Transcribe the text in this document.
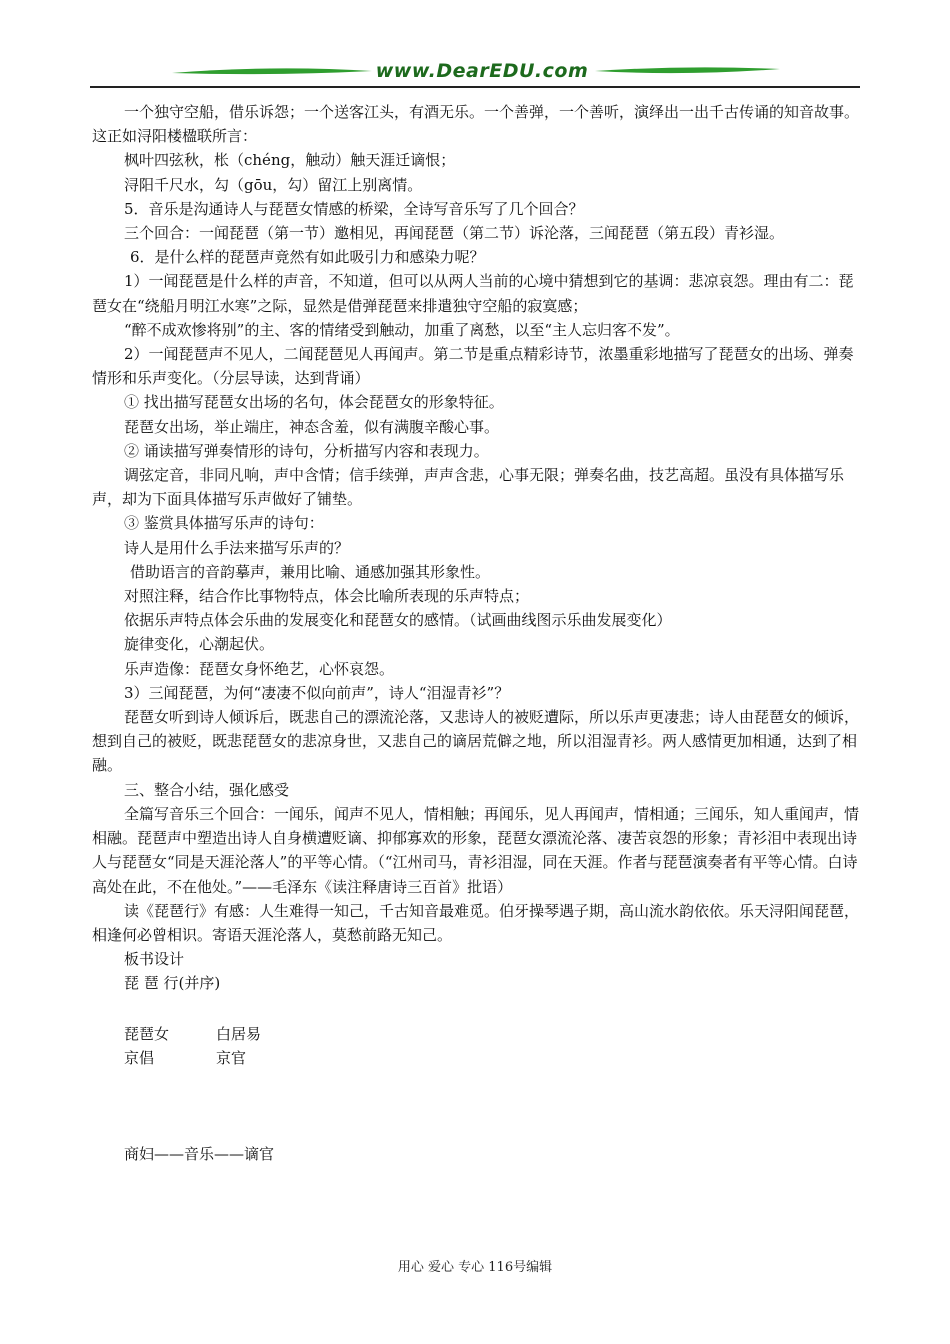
www.DearEDU.com

一个独守空船，借乐诉怨；一个送客江头，有酒无乐。一个善弹，一个善听，演绎出一出千古传诵的知音故事。这正如浔阳楼楹联所言：

枫叶四弦秋，枨（chéng，触动）触天涯迁谪恨；

浔阳千尺水，勾（gōu，勾）留江上别离情。

5．音乐是沟通诗人与琵琶女情感的桥梁，全诗写音乐写了几个回合？

三个回合：一闻琵琶（第一节）邀相见，再闻琵琶（第二节）诉沦落，三闻琵琶（第五段）青衫湿。

6．是什么样的琵琶声竟然有如此吸引力和感染力呢？

1）一闻琵琶是什么样的声音，不知道，但可以从两人当前的心境中猜想到它的基调：悲凉哀怨。理由有二：琵琶女在“绕船月明江水寒”之际，显然是借弹琵琶来排遣独守空船的寂寞感；

“醉不成欢惨将别”的主、客的情绪受到触动，加重了离愁，以至“主人忘归客不发”。

2）一闻琵琶声不见人，二闻琵琶见人再闻声。第二节是重点精彩诗节，浓墨重彩地描写了琵琶女的出场、弹奏情形和乐声变化。（分层导读，达到背诵）

① 找出描写琵琶女出场的名句，体会琵琶女的形象特征。

琵琶女出场，举止端庄，神态含羞，似有满腹辛酸心事。

② 诵读描写弹奏情形的诗句，分析描写内容和表现力。

调弦定音，非同凡响，声中含情；信手续弹，声声含悲，心事无限；弹奏名曲，技艺高超。虽没有具体描写乐声，却为下面具体描写乐声做好了铺垫。

③ 鉴赏具体描写乐声的诗句：

诗人是用什么手法来描写乐声的？

借助语言的音韵摹声，兼用比喻、通感加强其形象性。

对照注释，结合作比事物特点，体会比喻所表现的乐声特点；

依据乐声特点体会乐曲的发展变化和琵琶女的感情。（试画曲线图示乐曲发展变化）

旋律变化，心潮起伏。

乐声造像：琵琶女身怀绝艺，心怀哀怨。

3）三闻琵琶，为何“凄凄不似向前声”，诗人“泪湿青衫”？

琵琶女听到诗人倾诉后，既悲自己的漂流沦落，又悲诗人的被贬遭际，所以乐声更凄悲；诗人由琵琶女的倾诉，想到自己的被贬，既悲琵琶女的悲凉身世，又悲自己的谪居荒僻之地，所以泪湿青衫。两人感情更加相通，达到了相融。

三、整合小结，强化感受

全篇写音乐三个回合：一闻乐，闻声不见人，情相触；再闻乐，见人再闻声，情相通；三闻乐，知人重闻声，情相融。琵琶声中塑造出诗人自身横遭贬谪、抑郁寡欢的形象，琵琶女漂流沦落、凄苦哀怨的形象；青衫泪中表现出诗人与琵琶女“同是天涯沦落人”的平等心情。（“江州司马，青衫泪湿，同在天涯。作者与琵琶演奏者有平等心情。白诗高处在此，不在他处。”——毛泽东《读注释唐诗三百首》批语）

读《琵琶行》有感：人生难得一知己，千古知音最难觅。伯牙操琴遇子期，高山流水韵依依。乐天浔阳闻琵琶，相逢何必曾相识。寄语天涯沦落人，莫愁前路无知己。

板书设计

琵 琶 行(并序)

琵琶女	白居易
京倡	京官

商妇——音乐——谪官

用心 爱心 专心 116号编辑
